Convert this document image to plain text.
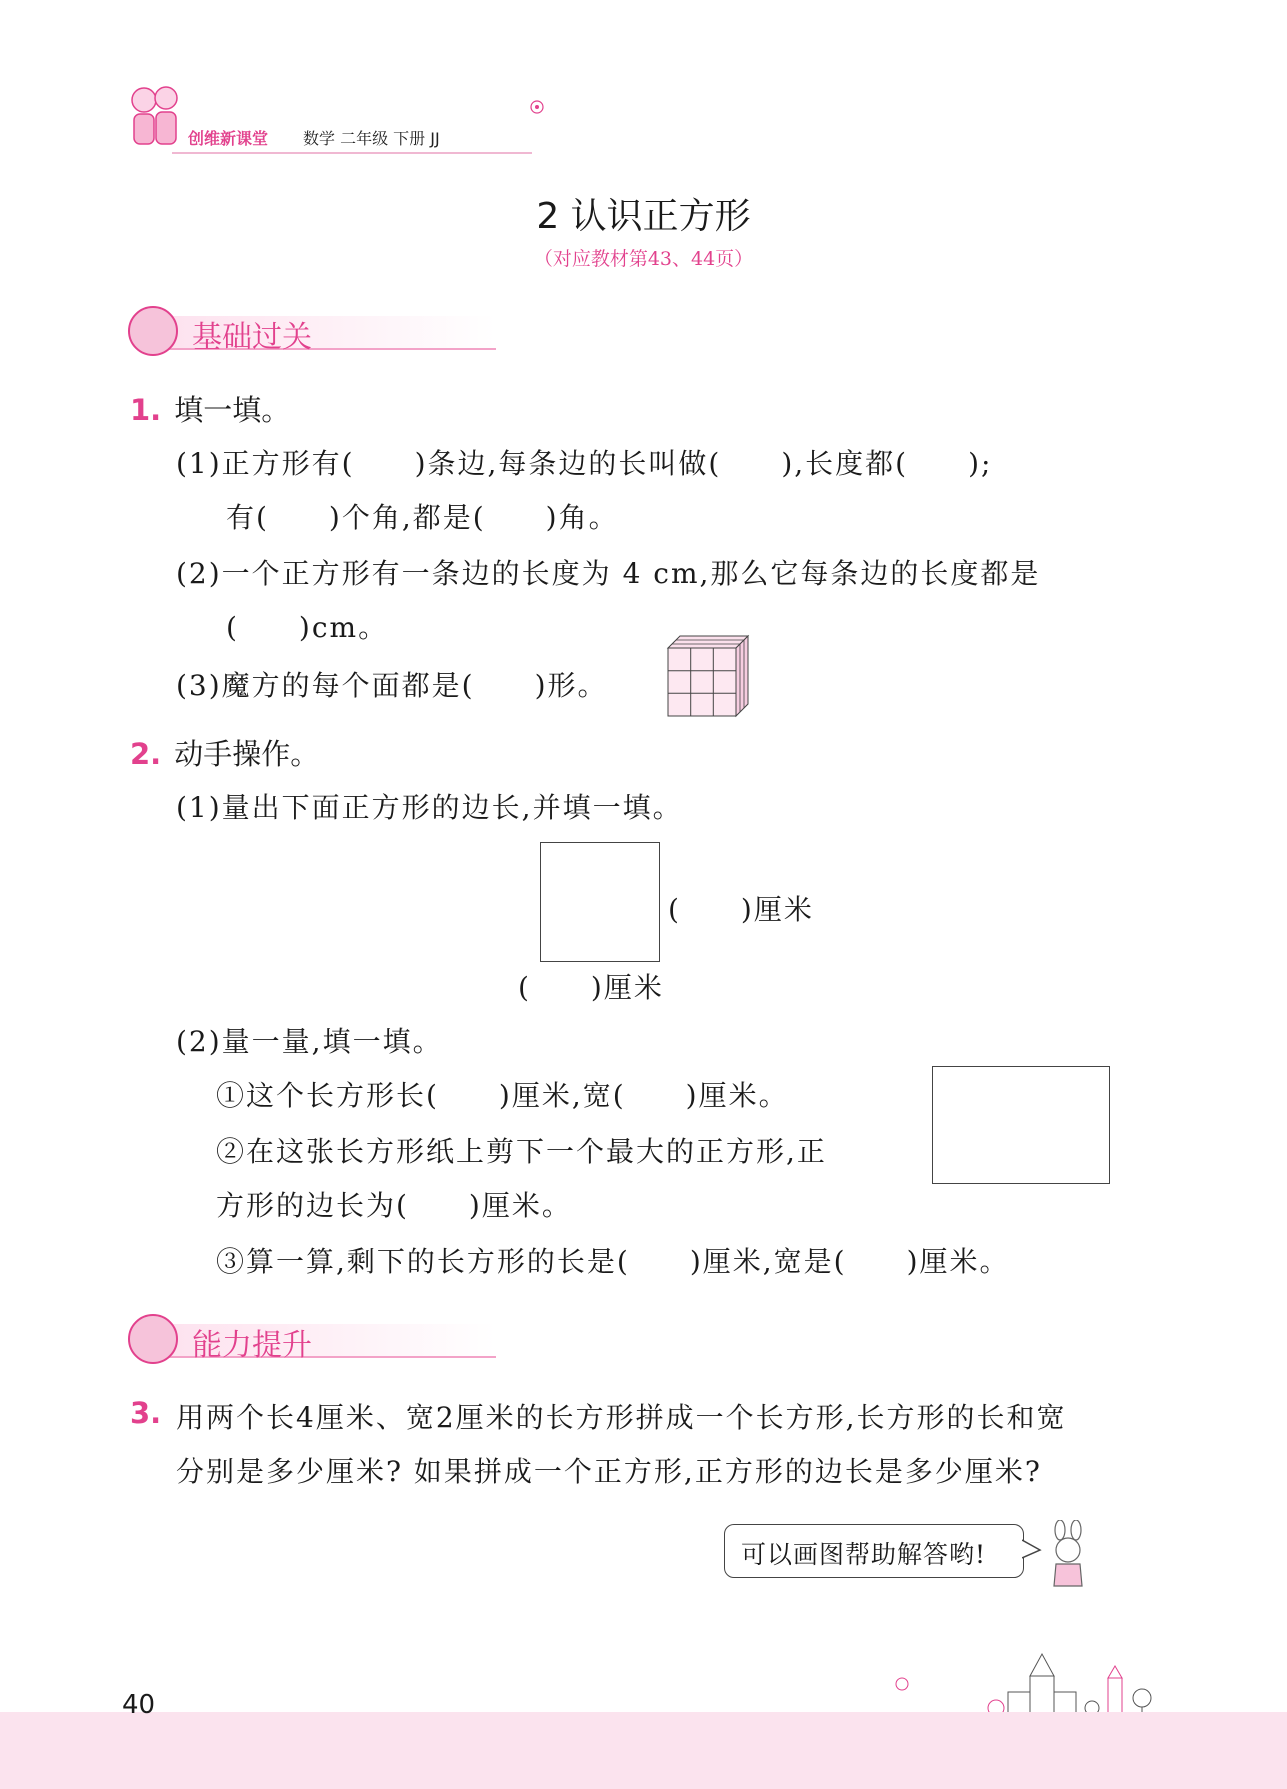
创维新课堂 数学 二年级 下册 JJ
2 认识正方形
（对应教材第43、44页）
基础过关
1. 填一填。
(1)正方形有(　　)条边,每条边的长叫做(　　),长度都(　　);
有(　　)个角,都是(　　)角。
(2)一个正方形有一条边的长度为 4 cm,那么它每条边的长度都是
(　　)cm。
(3)魔方的每个面都是(　　)形。
2. 动手操作。
(1)量出下面正方形的边长,并填一填。
(　　)厘米
(　　)厘米
(2)量一量,填一填。
①这个长方形长(　　)厘米,宽(　　)厘米。
②在这张长方形纸上剪下一个最大的正方形,正
方形的边长为(　　)厘米。
③算一算,剩下的长方形的长是(　　)厘米,宽是(　　)厘米。
能力提升
3. 用两个长4厘米、宽2厘米的长方形拼成一个长方形,长方形的长和宽
分别是多少厘米? 如果拼成一个正方形,正方形的边长是多少厘米?
可以画图帮助解答哟!
40
